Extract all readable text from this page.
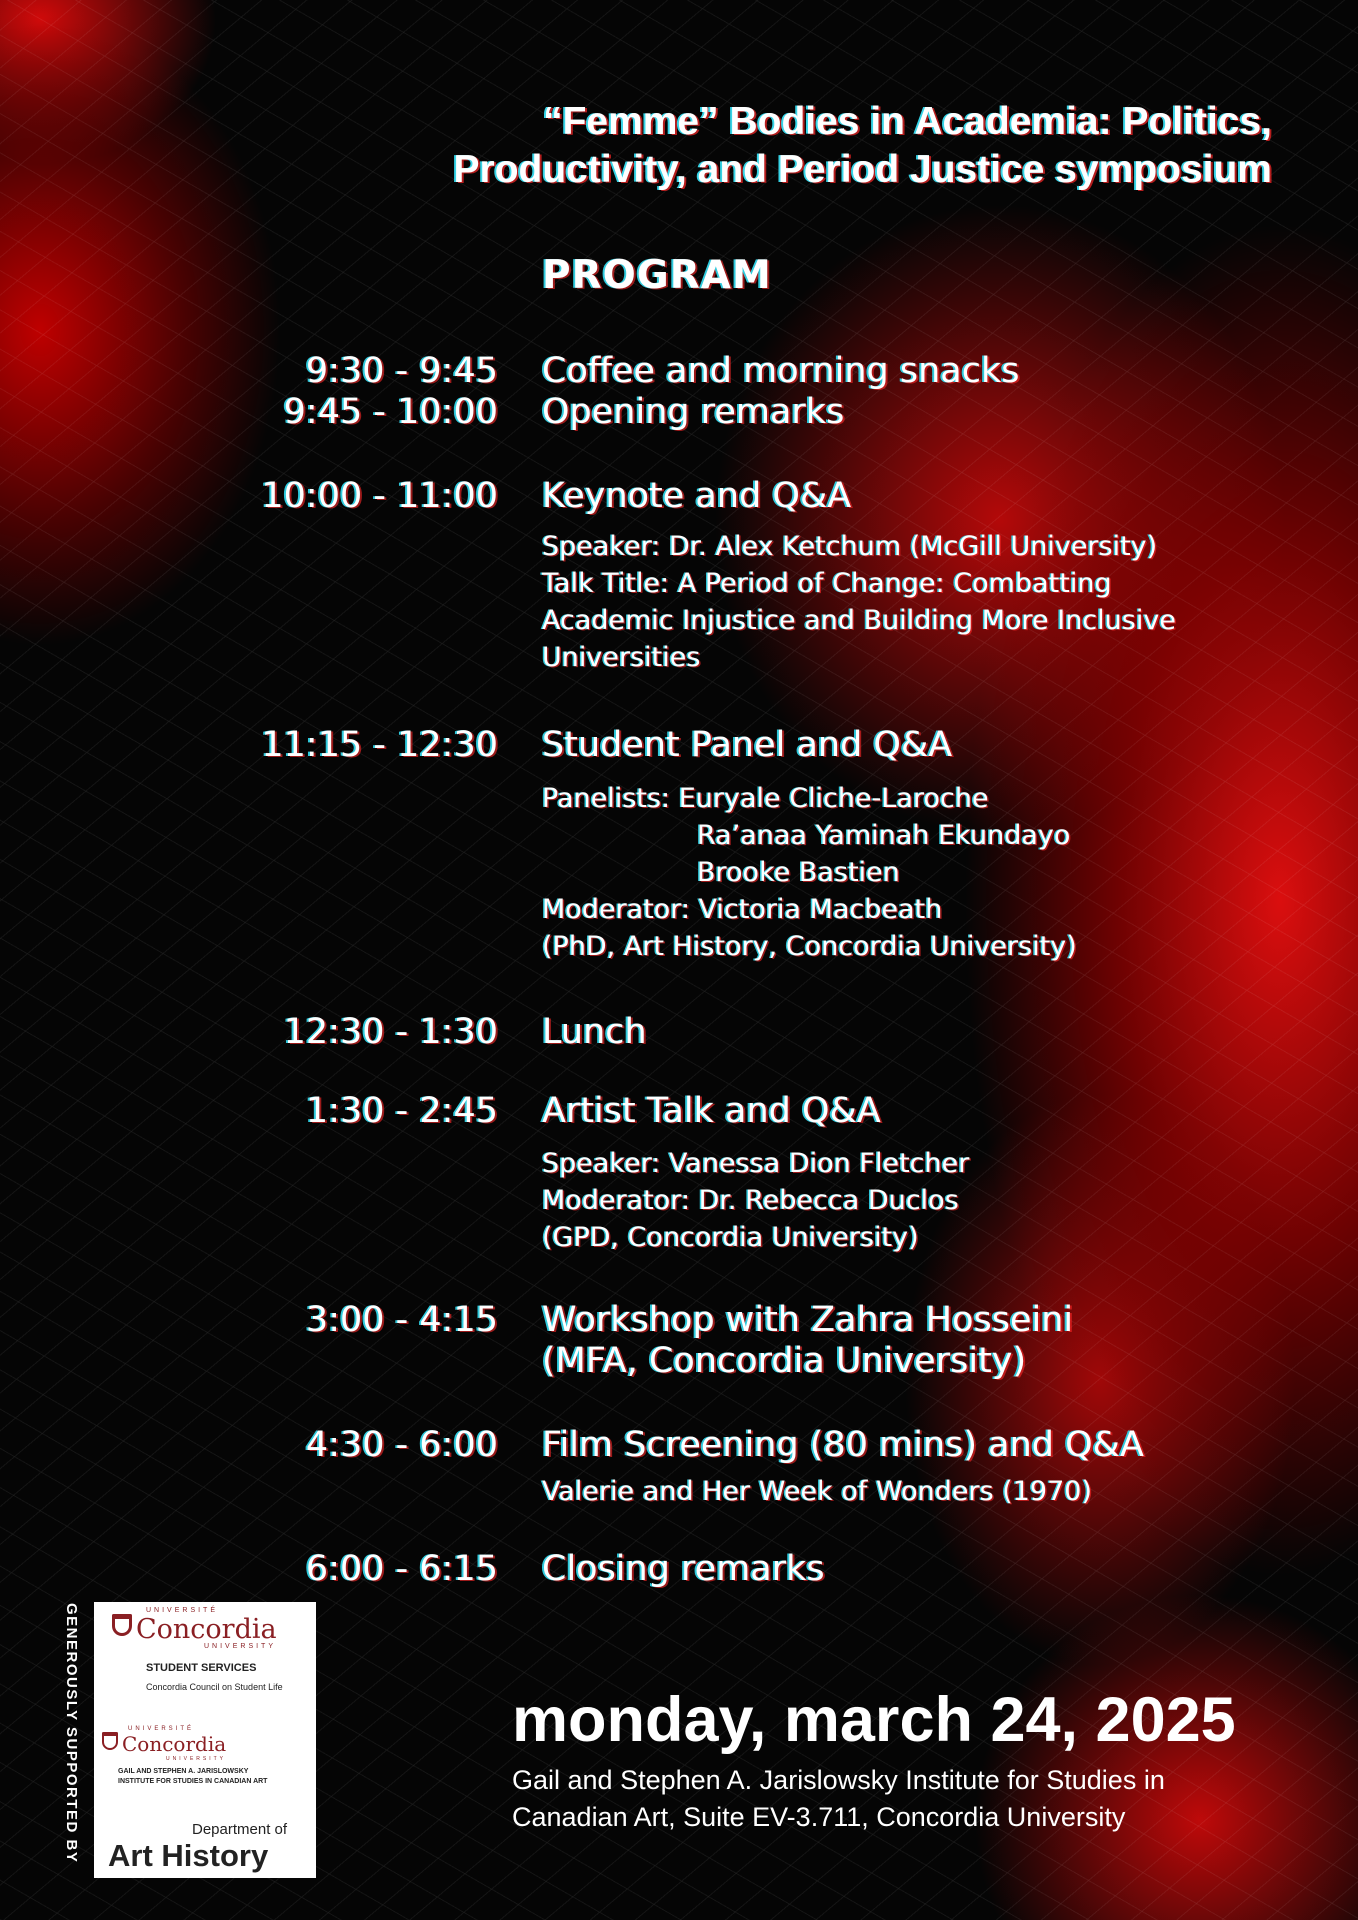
“Femme” Bodies in Academia: Politics,
Productivity, and Period Justice symposium
PROGRAM
9:30 - 9:45 Coffee and morning snacks
9:45 - 10:00 Opening remarks
10:00 - 11:00 Keynote and Q&A
Speaker: Dr. Alex Ketchum (McGill University)
Talk Title: A Period of Change: Combatting
Academic Injustice and Building More Inclusive
Universities
11:15 - 12:30 Student Panel and Q&A
Panelists: Euryale Cliche-Laroche
Ra’anaa Yaminah Ekundayo
Brooke Bastien
Moderator: Victoria Macbeath
(PhD, Art History, Concordia University)
12:30 - 1:30 Lunch
1:30 - 2:45 Artist Talk and Q&A
Speaker: Vanessa Dion Fletcher
Moderator: Dr. Rebecca Duclos
(GPD, Concordia University)
3:00 - 4:15 Workshop with Zahra Hosseini
(MFA, Concordia University)
4:30 - 6:00 Film Screening (80 mins) and Q&A
Valerie and Her Week of Wonders (1970)
6:00 - 6:15 Closing remarks
GENEROUSLY SUPPORTED BY	UNIVERSITÉ
Concordia
UNIVERSITY
STUDENT SERVICES
Concordia Council on Student Life
UNIVERSITÉ
Concordia
UNIVERSITY
GAIL AND STEPHEN A. JARISLOWSKY
INSTITUTE FOR STUDIES IN CANADIAN ART
Department of
Art History

monday, march 24, 2025

Gail and Stephen A. Jarislowsky Institute for Studies in
Canadian Art, Suite EV-3.711, Concordia University
